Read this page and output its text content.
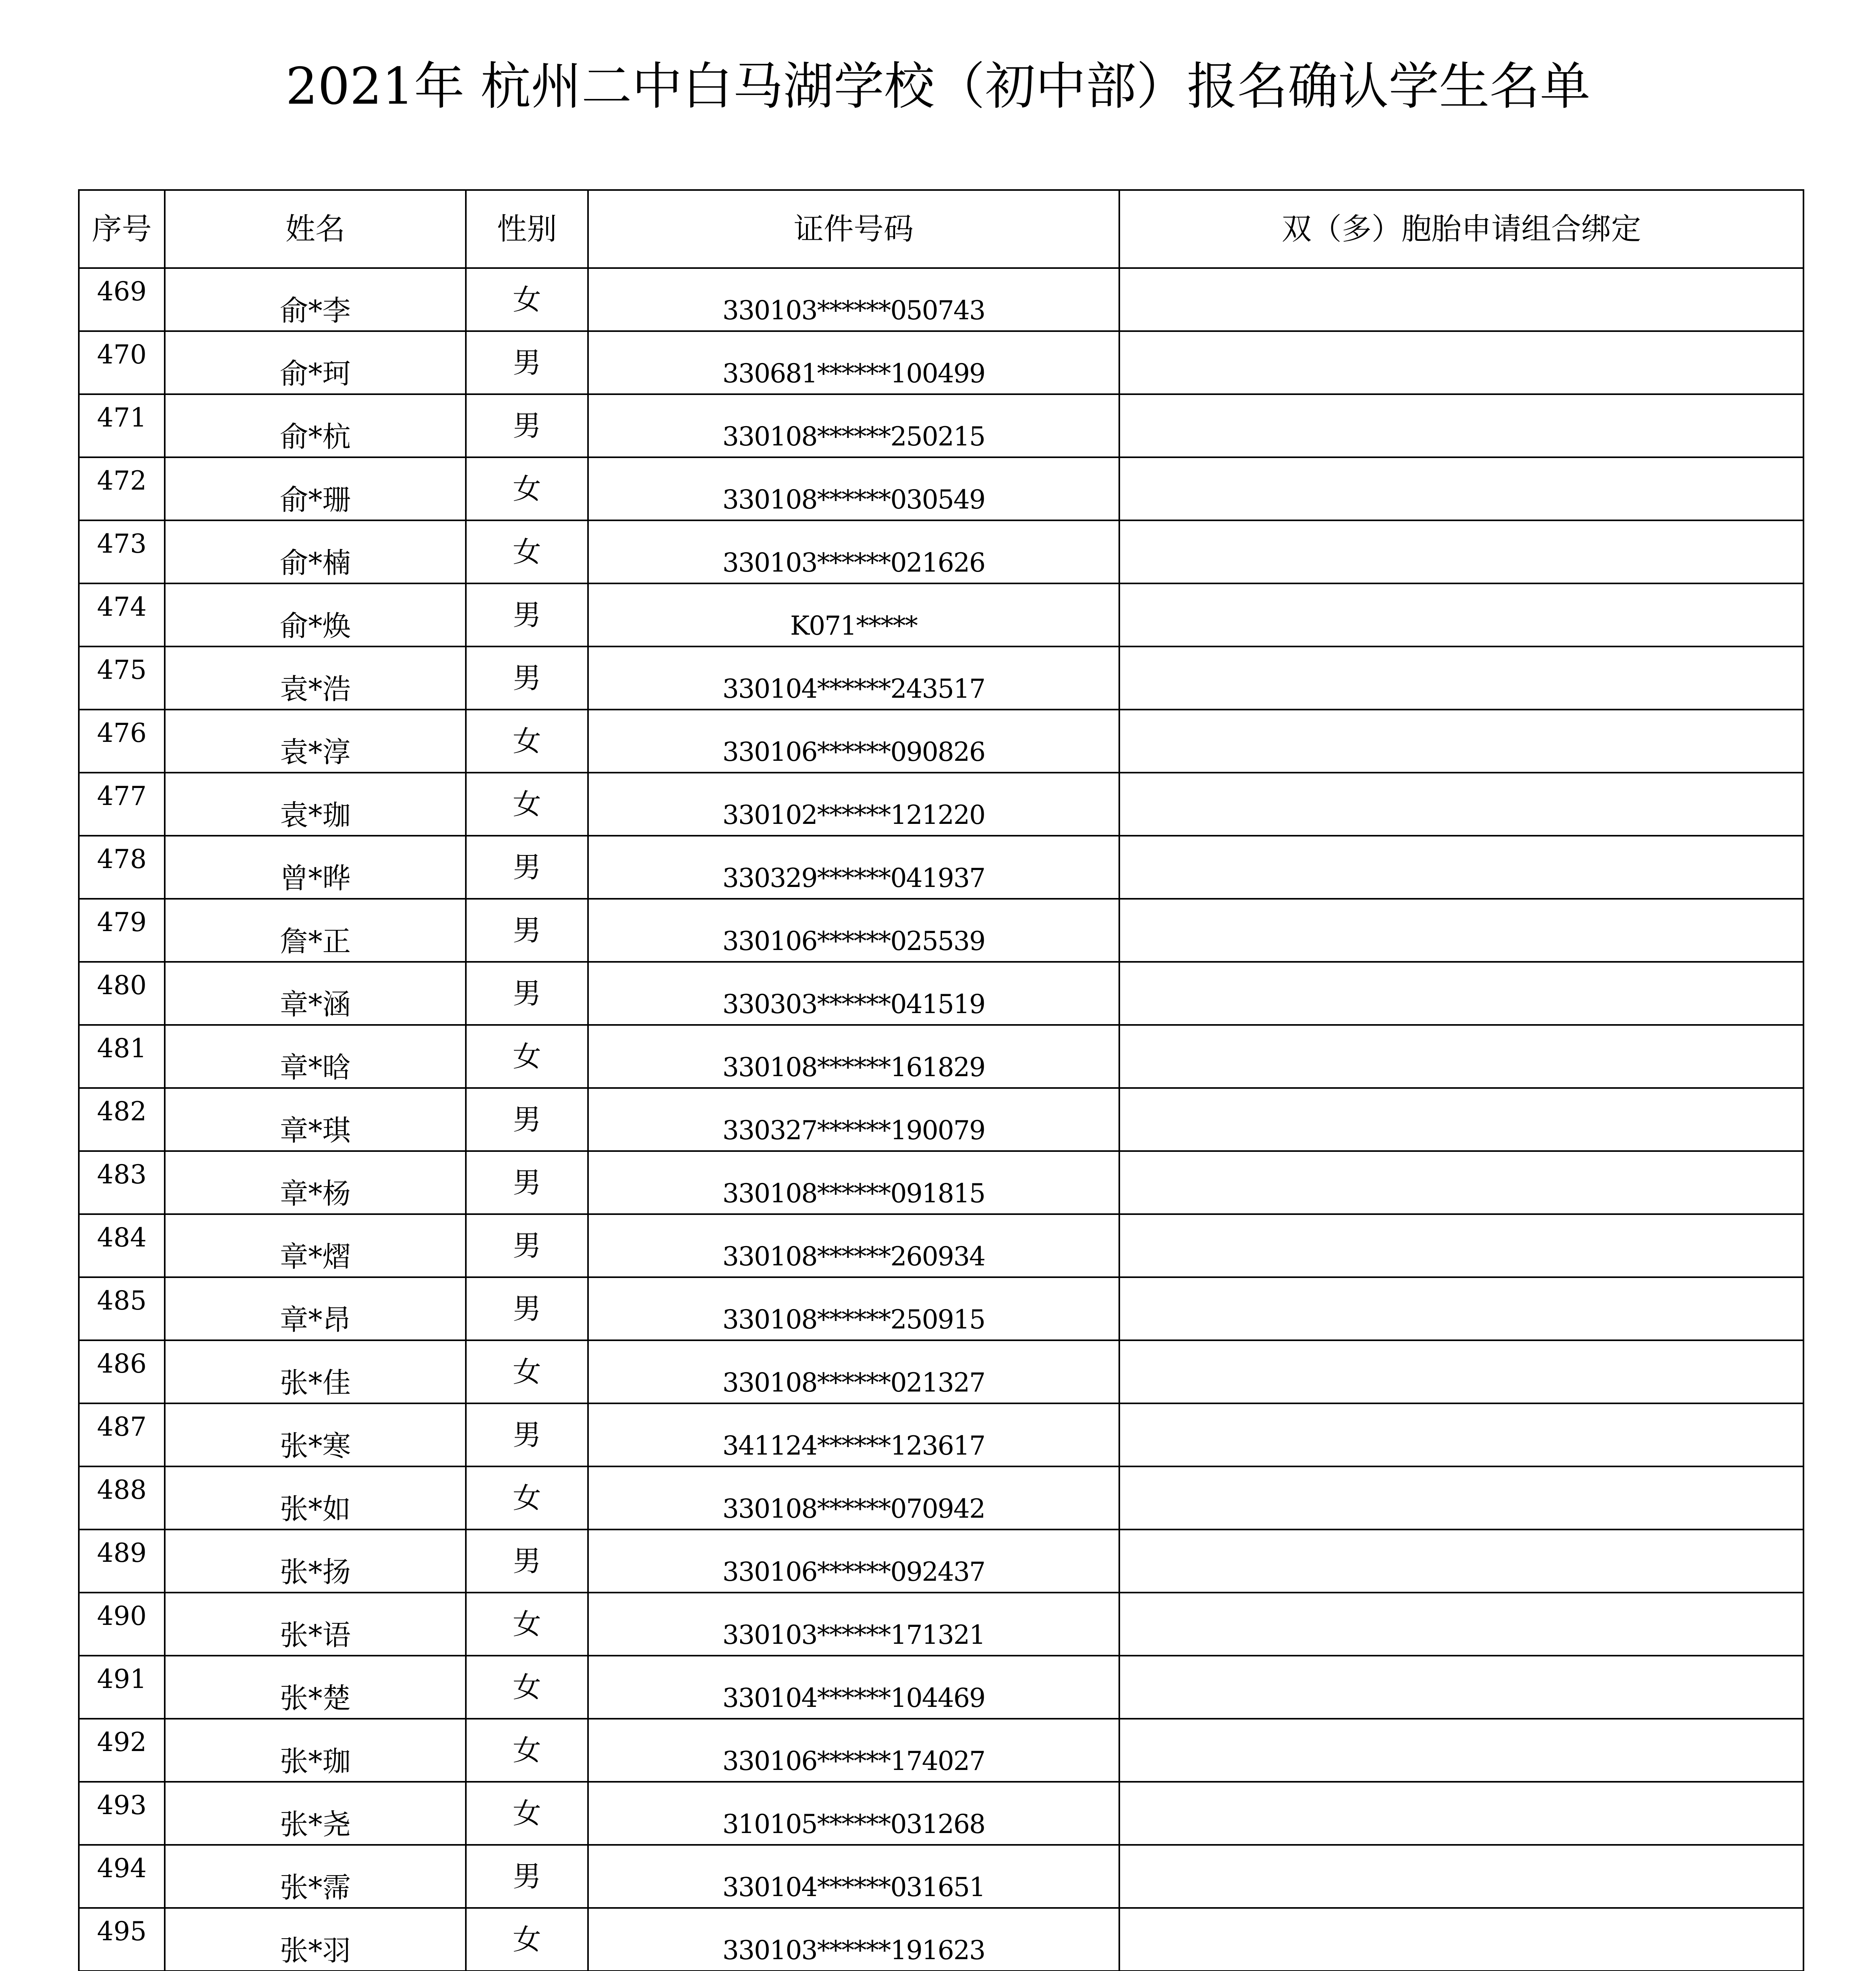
2021年 杭州二中白马湖学校（初中部）报名确认学生名单
序号	姓名	性别	证件号码	双（多）胞胎申请组合绑定
469	俞*李	女	330103******050743	
470	俞*珂	男	330681******100499	
471	俞*杭	男	330108******250215	
472	俞*珊	女	330108******030549	
473	俞*楠	女	330103******021626	
474	俞*焕	男	K071*****	
475	袁*浩	男	330104******243517	
476	袁*淳	女	330106******090826	
477	袁*珈	女	330102******121220	
478	曾*晔	男	330329******041937	
479	詹*正	男	330106******025539	
480	章*涵	男	330303******041519	
481	章*晗	女	330108******161829	
482	章*琪	男	330327******190079	
483	章*杨	男	330108******091815	
484	章*熠	男	330108******260934	
485	章*昂	男	330108******250915	
486	张*佳	女	330108******021327	
487	张*寒	男	341124******123617	
488	张*如	女	330108******070942	
489	张*扬	男	330106******092437	
490	张*语	女	330103******171321	
491	张*楚	女	330104******104469	
492	张*珈	女	330106******174027	
493	张*尧	女	310105******031268	
494	张*霈	男	330104******031651	
495	张*羽	女	330103******191623	
